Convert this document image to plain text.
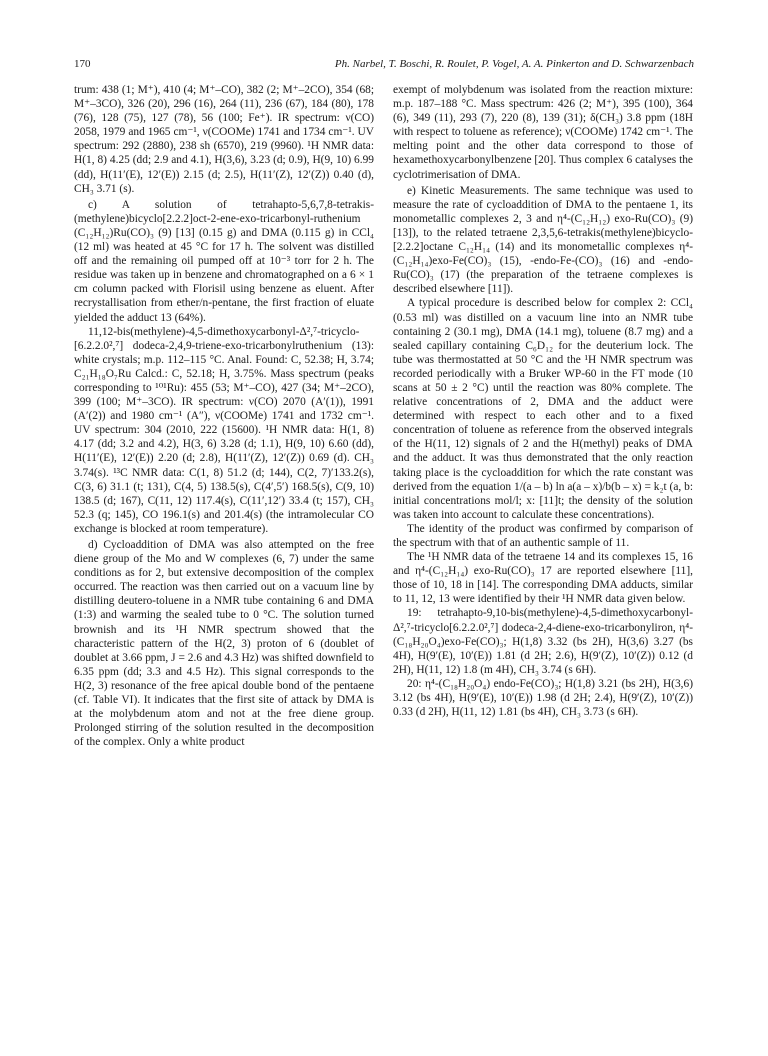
170	Ph. Narbel, T. Boschi, R. Roulet, P. Vogel, A. A. Pinkerton and D. Schwarzenbach

trum: 438 (1; M⁺), 410 (4; M⁺–CO), 382 (2; M⁺–2CO), 354 (68; M⁺–3CO), 326 (20), 296 (16), 264 (11), 236 (67), 184 (80), 178 (76), 128 (75), 127 (78), 56 (100; Fe⁺). IR spectrum: ν(CO) 2058, 1979 and 1965 cm⁻¹, ν(COOMe) 1741 and 1734 cm⁻¹. UV spectrum: 292 (2880), 238 sh (6570), 219 (9960). ¹H NMR data: H(1, 8) 4.25 (dd; 2.9 and 4.1), H(3,6), 3.23 (d; 0.9), H(9, 10) 6.99 (dd), H(11′(E), 12′(E)) 2.15 (d; 2.5), H(11′(Z), 12′(Z)) 0.40 (d), CH₃ 3.71 (s).

c) A solution of tetrahapto-5,6,7,8-tetrakis-(methylene)bicyclo[2.2.2]oct-2-ene-exo-tricarbonyl-ruthenium (C₁₂H₁₂)Ru(CO)₃ (9) [13] (0.15 g) and DMA (0.115 g) in CCl₄ (12 ml) was heated at 45 °C for 17 h. The solvent was distilled off and the remaining oil pumped off at 10⁻³ torr for 2 h. The residue was taken up in benzene and chromatographed on a 6 × 1 cm column packed with Florisil using benzene as eluent. After recrystallisation from ether/n-pentane, the first fraction of eluate yielded the adduct 13 (64%).

11,12-bis(methylene)-4,5-dimethoxycarbonyl-Δ²,⁷-tricyclo-[6.2.2.0²,⁷] dodeca-2,4,9-triene-exo-tricarbonylruthenium (13): white crystals; m.p. 112–115 °C. Anal. Found: C, 52.38; H, 3.74; C₂₁H₁₈O₇Ru Calcd.: C, 52.18; H, 3.75%. Mass spectrum (peaks corresponding to ¹⁰¹Ru): 455 (53; M⁺–CO), 427 (34; M⁺–2CO), 399 (100; M⁺–3CO). IR spectrum: ν(CO) 2070 (A′(1)), 1991 (A′(2)) and 1980 cm⁻¹ (A″), ν(COOMe) 1741 and 1732 cm⁻¹. UV spectrum: 304 (2010, 222 (15600). ¹H NMR data: H(1, 8) 4.17 (dd; 3.2 and 4.2), H(3, 6) 3.28 (d; 1.1), H(9, 10) 6.60 (dd), H(11′(E), 12′(E)) 2.20 (d; 2.8), H(11′(Z), 12′(Z)) 0.69 (d). CH₃ 3.74(s). ¹³C NMR data: C(1, 8) 51.2 (d; 144), C(2, 7)′133.2(s), C(3, 6) 31.1 (t; 131), C(4, 5) 138.5(s), C(4′,5′) 168.5(s), C(9, 10) 138.5 (d; 167), C(11, 12) 117.4(s), C(11′,12′) 33.4 (t; 157), CH₃ 52.3 (q; 145), CO 196.1(s) and 201.4(s) (the intramolecular CO exchange is blocked at room temperature).

d) Cycloaddition of DMA was also attempted on the free diene group of the Mo and W complexes (6, 7) under the same conditions as for 2, but extensive decomposition of the complex occurred. The reaction was then carried out on a vacuum line by distilling deutero-toluene in a NMR tube containing 6 and DMA (1:3) and warming the sealed tube to 0 °C. The solution turned brownish and its ¹H NMR spectrum showed that the characteristic pattern of the H(2, 3) proton of 6 (doublet of doublet at 3.66 ppm, J = 2.6 and 4.3 Hz) was shifted downfield to 6.35 ppm (dd; 3.3 and 4.5 Hz). This signal corresponds to the H(2, 3) resonance of the free apical double bond of the pentaene (cf. Table VI). It indicates that the first site of attack by DMA is at the molybdenum atom and not at the free diene group. Prolonged stirring of the solution resulted in the decomposition of the complex. Only a white product

exempt of molybdenum was isolated from the reaction mixture: m.p. 187–188 °C. Mass spectrum: 426 (2; M⁺), 395 (100), 364 (6), 349 (11), 293 (7), 220 (8), 139 (31); δ(CH₃) 3.8 ppm (18H with respect to toluene as reference); ν(COOMe) 1742 cm⁻¹. The melting point and the other data correspond to those of hexamethoxycarbonylbenzene [20]. Thus complex 6 catalyses the cyclotrimerisation of DMA.

e) Kinetic Measurements. The same technique was used to measure the rate of cycloaddition of DMA to the pentaene 1, its monometallic complexes 2, 3 and η⁴-(C₁₂H₁₂) exo-Ru(CO)₃ (9) [13]), to the related tetraene 2,3,5,6-tetrakis(methylene)bicyclo-[2.2.2]octane C₁₂H₁₄ (14) and its monometallic complexes η⁴-(C₁₂H₁₄)exo-Fe(CO)₃ (15), -endo-Fe-(CO)₃ (16) and -endo-Ru(CO)₃ (17) (the preparation of the tetraene complexes is described elsewhere [11]).

A typical procedure is described below for complex 2: CCl₄ (0.53 ml) was distilled on a vacuum line into an NMR tube containing 2 (30.1 mg), DMA (14.1 mg), toluene (8.7 mg) and a sealed capillary containing C₆D₁₂ for the deuterium lock. The tube was thermostatted at 50 °C and the ¹H NMR spectrum was recorded periodically with a Bruker WP-60 in the FT mode (10 scans at 50 ± 2 °C) until the reaction was 80% complete. The relative concentrations of 2, DMA and the adduct were determined with respect to each other and to a fixed concentration of toluene as reference from the observed integrals of the H(11, 12) signals of 2 and the H(methyl) peaks of DMA and the adduct. It was thus demonstrated that the only reaction taking place is the cycloaddition for which the rate constant was derived from the equation 1/(a – b) ln a(a – x)/b(b – x) = k₂t (a, b: initial concentrations mol/l; x: [11]t; the density of the solution was taken into account to calculate these concentrations).

The identity of the product was confirmed by comparison of the spectrum with that of an authentic sample of 11.

The ¹H NMR data of the tetraene 14 and its complexes 15, 16 and η⁴-(C₁₂H₁₄) exo-Ru(CO)₃ 17 are reported elsewhere [11], those of 10, 18 in [14]. The corresponding DMA adducts, similar to 11, 12, 13 were identified by their ¹H NMR data given below.

19: tetrahapto-9,10-bis(methylene)-4,5-dimethoxycarbonyl-Δ²,⁷-tricyclo[6.2.2.0²,⁷] dodeca-2,4-diene-exo-tricarbonyliron, η⁴-(C₁₈H₂₀O₄)exo-Fe(CO)₃; H(1,8) 3.32 (bs 2H), H(3,6) 3.27 (bs 4H), H(9′(E), 10′(E)) 1.81 (d 2H; 2.6), H(9′(Z), 10′(Z)) 0.12 (d 2H), H(11, 12) 1.8 (m 4H), CH₃ 3.74 (s 6H).

20: η⁴-(C₁₈H₂₀O₄) endo-Fe(CO)₃; H(1,8) 3.21 (bs 2H), H(3,6) 3.12 (bs 4H), H(9′(E), 10′(E)) 1.98 (d 2H; 2.4), H(9′(Z), 10′(Z)) 0.33 (d 2H), H(11, 12) 1.81 (bs 4H), CH₃ 3.73 (s 6H).
